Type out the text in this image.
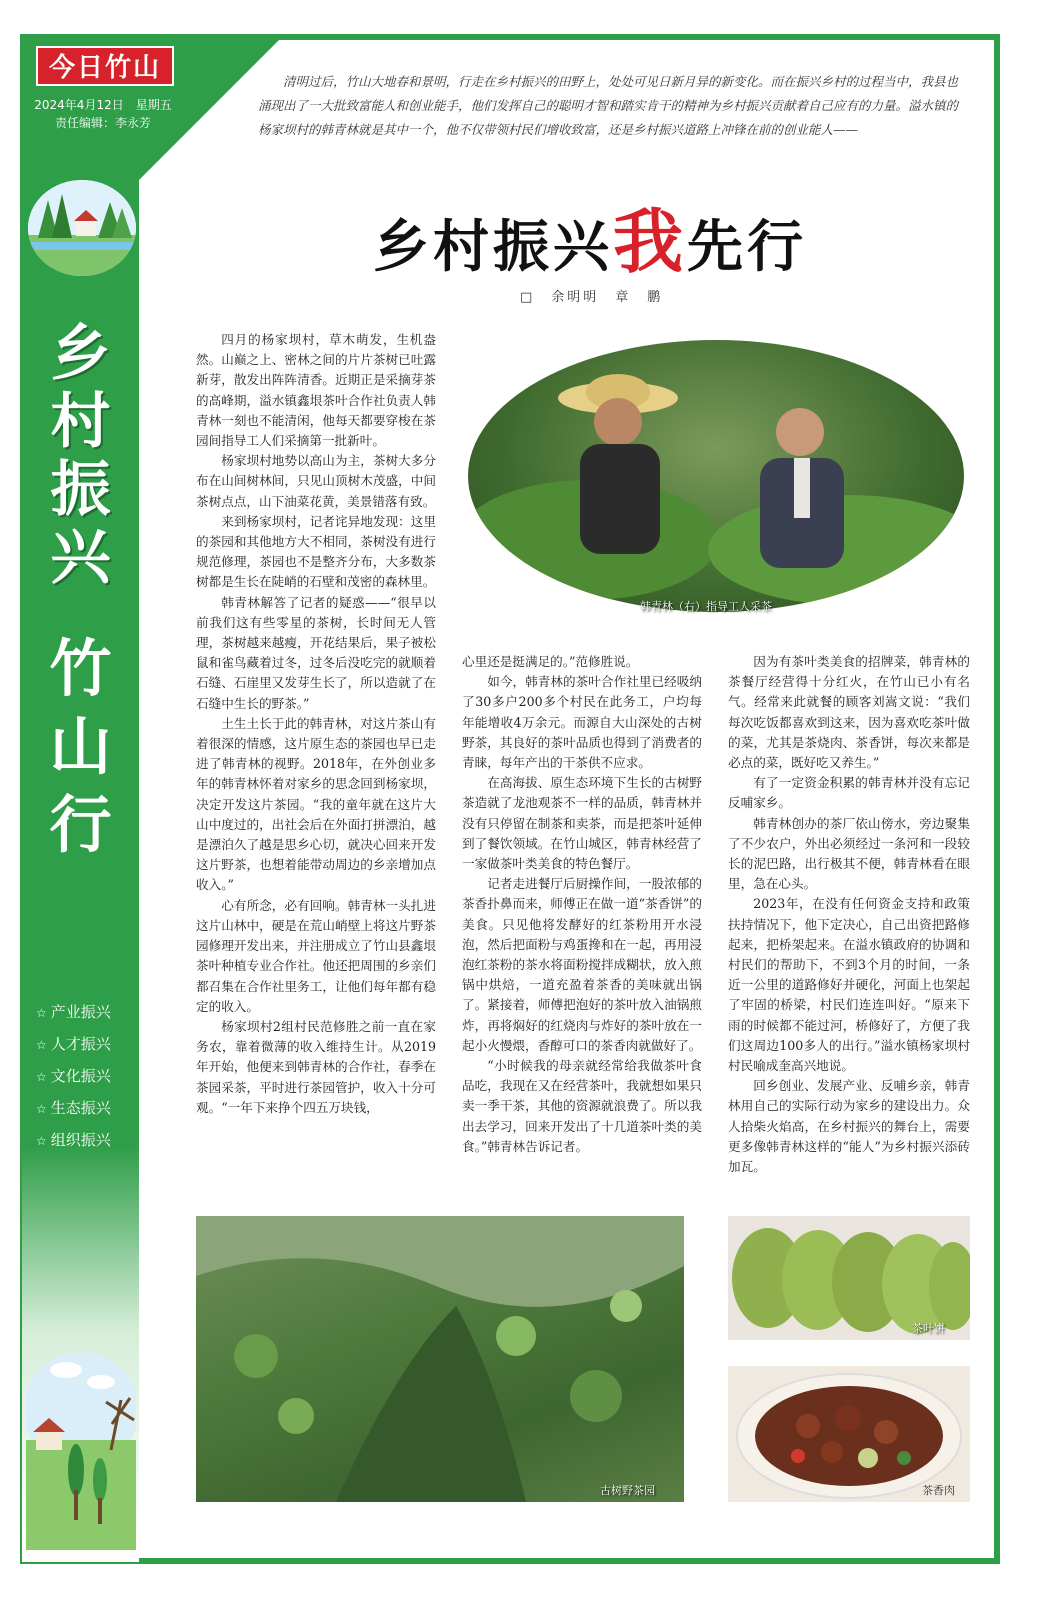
今日竹山
2024年4月12日　星期五
责任编辑：李永芳
乡村振兴
竹山行
☆ 产业振兴
☆ 人才振兴
☆ 文化振兴
☆ 生态振兴
☆ 组织振兴
清明过后，竹山大地春和景明，行走在乡村振兴的田野上，处处可见日新月异的新变化。而在振兴乡村的过程当中，我县也涌现出了一大批致富能人和创业能手，他们发挥自己的聪明才智和踏实肯干的精神为乡村振兴贡献着自己应有的力量。溢水镇的杨家坝村的韩青林就是其中一个，他不仅带领村民们增收致富，还是乡村振兴道路上冲锋在前的创业能人——
乡村振兴我先行
□　余明明　章　鹏
韩青林（右）指导工人采茶

四月的杨家坝村，草木萌发，生机盎然。山巅之上、密林之间的片片茶树已吐露新芽，散发出阵阵清香。近期正是采摘芽茶的高峰期，溢水镇鑫垠茶叶合作社负责人韩青林一刻也不能清闲，他每天都要穿梭在茶园间指导工人们采摘第一批新叶。

杨家坝村地势以高山为主，茶树大多分布在山间树林间，只见山顶树木茂盛，中间茶树点点，山下油菜花黄，美景错落有致。

来到杨家坝村，记者诧异地发现：这里的茶园和其他地方大不相同，茶树没有进行规范修理，茶园也不是整齐分布，大多数茶树都是生长在陡峭的石壁和茂密的森林里。

韩青林解答了记者的疑惑——“很早以前我们这有些零星的茶树，长时间无人管理，茶树越来越瘦，开花结果后，果子被松鼠和雀鸟藏着过冬，过冬后没吃完的就顺着石缝、石崖里又发芽生长了，所以造就了在石缝中生长的野茶。”

土生土长于此的韩青林，对这片茶山有着很深的情感，这片原生态的茶园也早已走进了韩青林的视野。2018年，在外创业多年的韩青林怀着对家乡的思念回到杨家坝，决定开发这片茶园。“我的童年就在这片大山中度过的，出社会后在外面打拼漂泊，越是漂泊久了越是思乡心切，就决心回来开发这片野茶，也想着能带动周边的乡亲增加点收入。”

心有所念，必有回响。韩青林一头扎进这片山林中，硬是在荒山峭壁上将这片野茶园修理开发出来，并注册成立了竹山县鑫垠茶叶种植专业合作社。他还把周围的乡亲们都召集在合作社里务工，让他们每年都有稳定的收入。

杨家坝村2组村民范修胜之前一直在家务农，靠着微薄的收入维持生计。从2019年开始，他便来到韩青林的合作社，春季在茶园采茶，平时进行茶园管护，收入十分可观。“一年下来挣个四五万块钱，

心里还是挺满足的。”范修胜说。

如今，韩青林的茶叶合作社里已经吸纳了30多户200多个村民在此务工，户均每年能增收4万余元。而源自大山深处的古树野茶，其良好的茶叶品质也得到了消费者的青睐，每年产出的干茶供不应求。

在高海拔、原生态环境下生长的古树野茶造就了龙池观茶不一样的品质，韩青林并没有只停留在制茶和卖茶，而是把茶叶延伸到了餐饮领域。在竹山城区，韩青林经营了一家做茶叶类美食的特色餐厅。

记者走进餐厅后厨操作间，一股浓郁的茶香扑鼻而来，师傅正在做一道“茶香饼”的美食。只见他将发酵好的红茶粉用开水浸泡，然后把面粉与鸡蛋搀和在一起，再用浸泡红茶粉的茶水将面粉搅拌成糊状，放入煎锅中烘焙，一道充盈着茶香的美味就出锅了。紧接着，师傅把泡好的茶叶放入油锅煎炸，再将焖好的红烧肉与炸好的茶叶放在一起小火慢煨，香醇可口的茶香肉就做好了。

“小时候我的母亲就经常给我做茶叶食品吃，我现在又在经营茶叶，我就想如果只卖一季干茶，其他的资源就浪费了。所以我出去学习，回来开发出了十几道茶叶类的美食。”韩青林告诉记者。

因为有茶叶类美食的招牌菜，韩青林的茶餐厅经营得十分红火，在竹山已小有名气。经常来此就餐的顾客刘嵩文说：“我们每次吃饭都喜欢到这来，因为喜欢吃茶叶做的菜，尤其是茶烧肉、茶香饼，每次来都是必点的菜，既好吃又养生。”

有了一定资金积累的韩青林并没有忘记反哺家乡。

韩青林创办的茶厂依山傍水，旁边聚集了不少农户，外出必须经过一条河和一段较长的泥巴路，出行极其不便，韩青林看在眼里，急在心头。

2023年，在没有任何资金支持和政策扶持情况下，他下定决心，自己出资把路修起来，把桥架起来。在溢水镇政府的协调和村民们的帮助下，不到3个月的时间，一条近一公里的道路修好并硬化，河面上也架起了牢固的桥梁，村民们连连叫好。“原来下雨的时候都不能过河，桥修好了，方便了我们这周边100多人的出行。”溢水镇杨家坝村村民喻成奎高兴地说。

回乡创业、发展产业、反哺乡亲，韩青林用自己的实际行动为家乡的建设出力。众人拾柴火焰高，在乡村振兴的舞台上，需要更多像韩青林这样的“能人”为乡村振兴添砖加瓦。

古树野茶园
茶叶饼
茶香肉
